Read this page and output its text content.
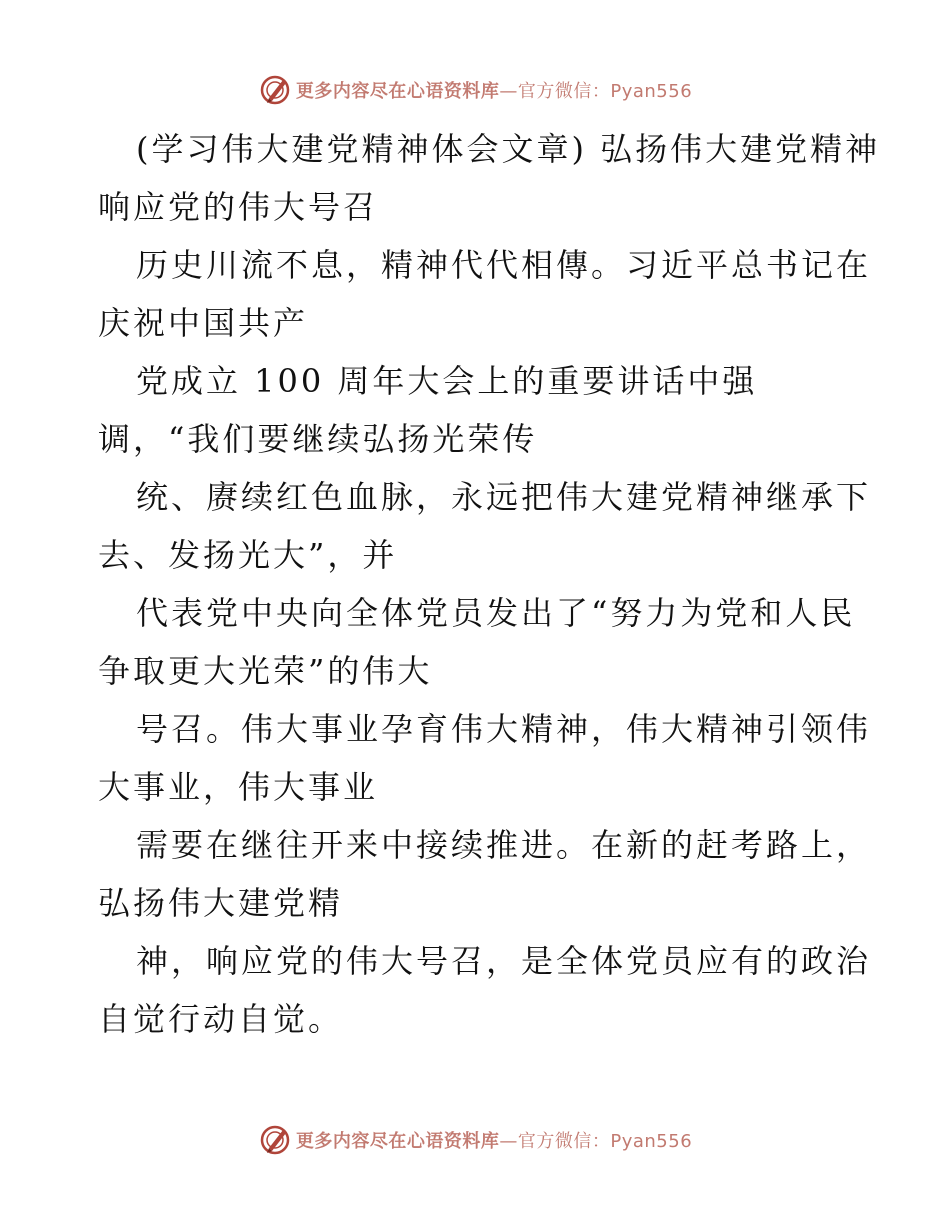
更多内容尽在心语资料库—官方微信：Pyan556
(学习伟大建党精神体会文章) 弘扬伟大建党精神
响应党的伟大号召
历史川流不息，精神代代相傳。习近平总书记在
庆祝中国共产
党成立 100 周年大会上的重要讲话中强
调，“我们要继续弘扬光荣传
统、赓续红色血脉，永远把伟大建党精神继承下
去、发扬光大”，并
代表党中央向全体党员发出了“努力为党和人民
争取更大光荣”的伟大
号召。伟大事业孕育伟大精神，伟大精神引领伟
大事业，伟大事业
需要在继往开来中接续推进。在新的赶考路上，
弘扬伟大建党精
神，响应党的伟大号召，是全体党员应有的政治
自觉行动自觉。
更多内容尽在心语资料库—官方微信：Pyan556
